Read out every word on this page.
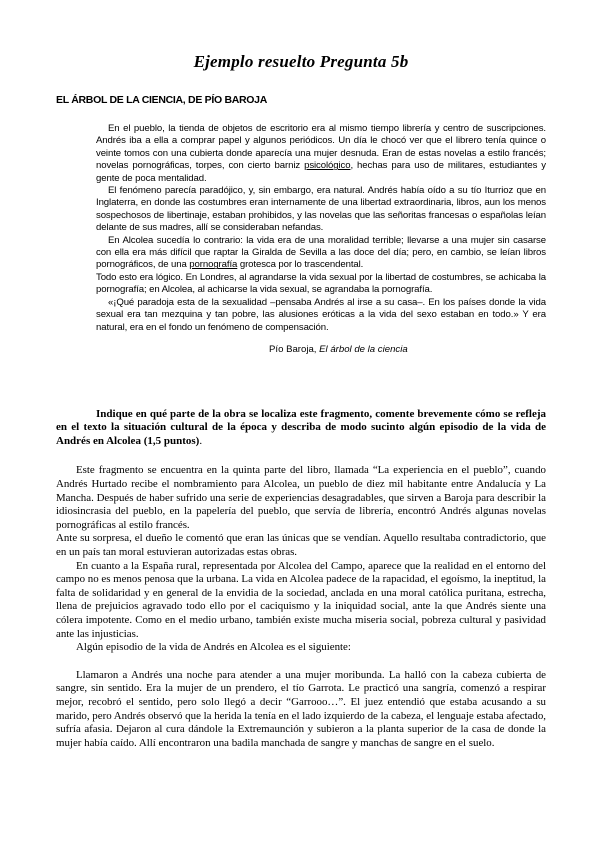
Ejemplo resuelto Pregunta 5b
EL ÁRBOL DE LA CIENCIA, DE PÍO BAROJA

En el pueblo, la tienda de objetos de escritorio era al mismo tiempo librería y centro de suscripciones. Andrés iba a ella a comprar papel y algunos periódicos. Un día le chocó ver que el librero tenía quince o veinte tomos con una cubierta donde aparecía una mujer desnuda. Eran de estas novelas a estilo francés; novelas pornográficas, torpes, con cierto barniz psicológico, hechas para uso de militares, estudiantes y gente de poca mentalidad.

El fenómeno parecía paradójico, y, sin embargo, era natural. Andrés había oído a su tío Iturrioz que en Inglaterra, en donde las costumbres eran internamente de una libertad extraordinaria, libros, aun los menos sospechosos de libertinaje, estaban prohibidos, y las novelas que las señoritas francesas o españolas leían delante de sus madres, allí se consideraban nefandas.

En Alcolea sucedía lo contrario: la vida era de una moralidad terrible; llevarse a una mujer sin casarse con ella era más difícil que raptar la Giralda de Sevilla a las doce del día; pero, en cambio, se leían libros pornográficos, de una pornografía grotesca por lo trascendental.

Todo esto era lógico. En Londres, al agrandarse la vida sexual por la libertad de costumbres, se achicaba la pornografía; en Alcolea, al achicarse la vida sexual, se agrandaba la pornografía.

«¡Qué paradoja esta de la sexualidad –pensaba Andrés al irse a su casa–. En los países donde la vida sexual era tan mezquina y tan pobre, las alusiones eróticas a la vida del sexo estaban en todo.» Y era natural, era en el fondo un fenómeno de compensación.

Pío Baroja, El árbol de la ciencia
Indique en qué parte de la obra se localiza este fragmento, comente brevemente cómo se refleja en el texto la situación cultural de la época y describa de modo sucinto algún episodio de la vida de Andrés en Alcolea (1,5 puntos).

Este fragmento se encuentra en la quinta parte del libro, llamada “La experiencia en el pueblo”, cuando Andrés Hurtado recibe el nombramiento para Alcolea, un pueblo de diez mil habitante entre Andalucía y La Mancha. Después de haber sufrido una serie de experiencias desagradables, que sirven a Baroja para describir la idiosincrasia del pueblo, en la papelería del pueblo, que servía de librería, encontró Andrés algunas novelas pornográficas al estilo francés.

Ante su sorpresa, el dueño le comentó que eran las únicas que se vendían. Aquello resultaba contradictorio, que en un país tan moral estuvieran autorizadas estas obras.

En cuanto a la España rural, representada por Alcolea del Campo, aparece que la realidad en el entorno del campo no es menos penosa que la urbana. La vida en Alcolea padece de la rapacidad, el egoísmo, la ineptitud, la falta de solidaridad y en general de la envidia de la sociedad, anclada en una moral católica puritana, estrecha, llena de prejuicios agravado todo ello por el caciquismo y la iniquidad social, ante la que Andrés siente una cólera impotente. Como en el medio urbano, también existe mucha miseria social, pobreza cultural y pasividad ante las injusticias.

Algún episodio de la vida de Andrés en Alcolea es el siguiente:

Llamaron a Andrés una noche para atender a una mujer moribunda. La halló con la cabeza cubierta de sangre, sin sentido. Era la mujer de un prendero, el tío Garrota. Le practicó una sangría, comenzó a respirar mejor, recobró el sentido, pero solo llegó a decir “Garrooo…”. El juez entendió que estaba acusando a su marido, pero Andrés observó que la herida la tenía en el lado izquierdo de la cabeza, el lenguaje estaba afectado, sufría afasia. Dejaron al cura dándole la Extremaunción y subieron a la planta superior de la casa de donde la mujer había caído. Allí encontraron una badila manchada de sangre y manchas de sangre en el suelo.
